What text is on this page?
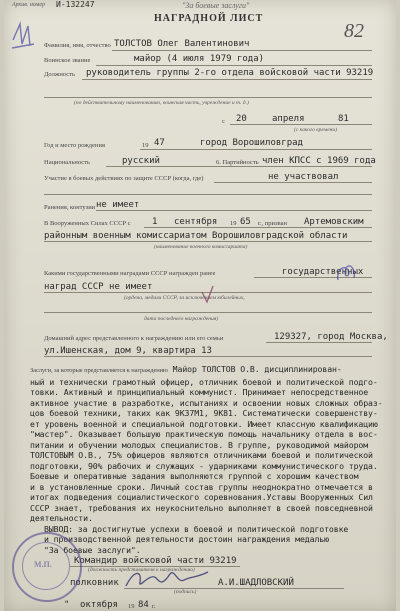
Архив. номер И-132247	"За боевые заслуги"
НАГРАДНОЙ ЛИСТ
82
Фамилия, имя, отчество ТОЛСТОВ Олег Валентинович
Воинское звание	майор (4 июля 1979 года)
Должность руководитель группы 2-го отдела войсковой части 93219
(по действительному наименованию, воинская часть, учреждение и т. д.)
с 20	апреля	81
(с какого времени)
Год и место рождения	19 47	город Ворошиловград
Национальность	русский	6. Партийность член КПСС с 1969 года
Участие в боевых действиях по защите СССР (когда, где)	не участвовал
Ранения, контузии не имеет
В Вооруженных Силах СССР с 1 сентября 19 65 г., призван Артемовским
районным военным комиссариатом Ворошиловградской области
(наименование военного комиссариата)
Какими государственными наградами СССР награжден ранее	государственных
наград СССР не имеет
(ордена, медали СССР, за исключением юбилейных,
дата последнего награждения)
Домашний адрес представленного к награждению или его семьи	129327, город Москва,
ул.Ишенская, дом 9, квартира 13
Заслуги, за которые представляется к награждению Майор ТОЛСТОВ О.В. дисциплинирован-
ный и технически грамотный офицер, отличник боевой и политической подго-
товки. Активный и принципиальный коммунист. Принимает непосредственное
активное участие в разработке, испытаниях и освоении новых сложных образ-
цов боевой техники, таких как 9К37М1, 9К81. Систематически совершенству-
ет уровень военной и специальной подготовки. Имеет классную квалификацию
"мастер". Оказывает большую практическую помощь начальнику отдела в вос-
питании и обучении молодых специалистов. В группе, руководимой майором
ТОЛСТОВЫМ О.В., 75% офицеров являются отличниками боевой и политической
подготовки, 90% рабочих и служащих - ударниками коммунистического труда.
Боевые и оперативные задания выполняются группой с хорошим качеством
и в установленные сроки. Личный состав группы неоднократно отмечается в
итогах подведения социалистического соревнования.Уставы Вооруженных Сил
СССР знает, требования их неукоснительно выполняет в своей повседневной
деятельности.
ВЫВОД: за достигнутые успехи в боевой и политической подготовке
и производственной деятельности достоин награждения медалью
"За боевые заслуги".
Командир войсковой части 93219
(должность представителя к награждению)
полковник	А.И.ШАДЛОВСКИЙ
(подпись)
" октября 19 84 г.
М.П.
